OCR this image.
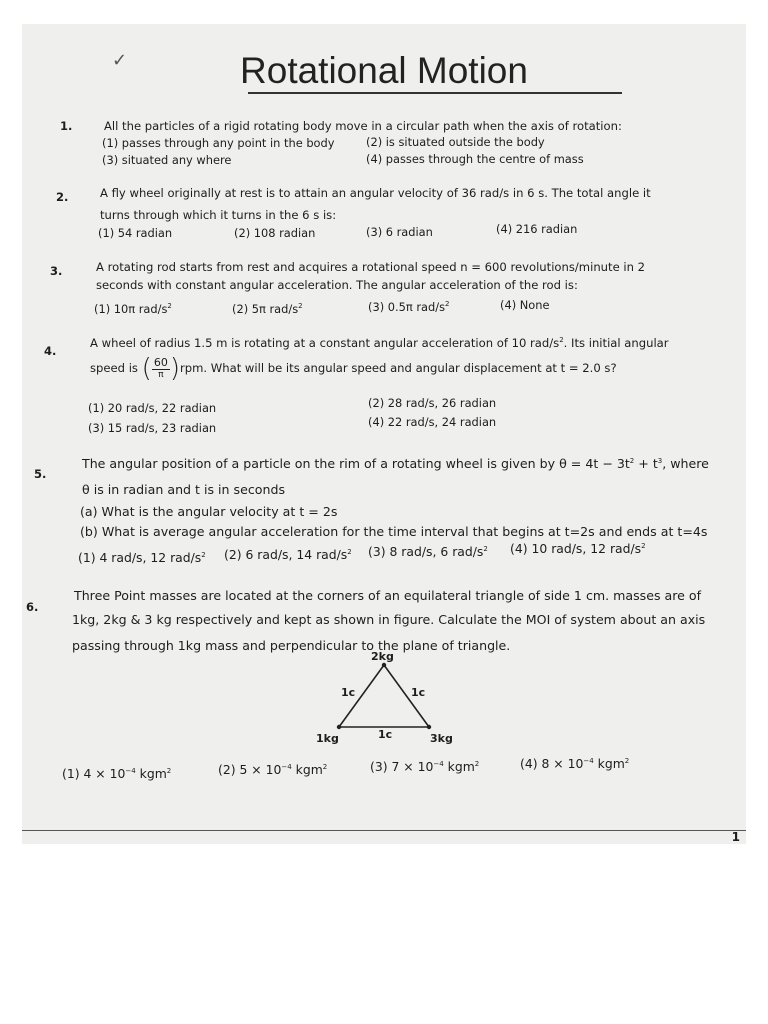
✓	Rotational Motion
1.	All the particles of a rigid rotating body move in a circular path when the axis of rotation:
(1) passes through any point in the body	(2) is situated outside the body
(3) situated any where	(4) passes through the centre of mass
2.	A fly wheel originally at rest is to attain an angular velocity of 36 rad/s in 6 s. The total angle it
turns through which it turns in the 6 s is:
(1) 54 radian	(2) 108 radian	(3) 6 radian	(4) 216 radian
3.	A rotating rod starts from rest and acquires a rotational speed n = 600 revolutions/minute in 2
seconds with constant angular acceleration. The angular acceleration of the rod is:
(1) 10π rad/$s^2$	(2) 5π rad/$s^2$	(3) 0.5π rad/$s^2$	(4) None
4.
A wheel of radius 1.5 m is rotating at a constant angular acceleration of 10 rad/$s^2$. Its initial angular
speed is ( $\frac{60}{\pi} )rpm$. What will be its angular speed and angular displacement at t = 2.0 s?
(1) 20 rad/s, 22 radian	(2) 28 rad/s, 26 radian
(3) 15 rad/s, 23 radian	(4) 22 rad/s, 24 radian
5.
The angular position of a particle on the rim of a rotating wheel is given by $\theta = 4t - 3t^2 + t^3$, where
θ is in radian and t is in seconds
(a) What is the angular velocity at t = 2s
(b) What is average angular acceleration for the time interval that begins at t=2s and ends at t=4s
(1) 4 rad/s, 12 rad/$s^2$ (2) 6 rad/s, 14 rad/$s^2$ (3) 8 rad/s, 6 rad/$s^2$ (4) 10 rad/s, 12 rad/$s^2$
6.
Three Point masses are located at the corners of an equilateral triangle of side 1 cm. masses are of
1kg, 2kg & 3 kg respectively and kept as shown in figure. Calculate the MOI of system about an axis
passing through 1kg mass and perpendicular to the plane of triangle.
2kg
1kg	3kg
1c	1c
1c
(1) $4 \times 10^{-4}$ kgm$^2$	(2) $5 \times 10^{-4}$ kgm$^2$	(3) $7 \times 10^{-4}$ kgm$^2$	(4) $8 \times 10^{-4}$ kgm$^2$
1
